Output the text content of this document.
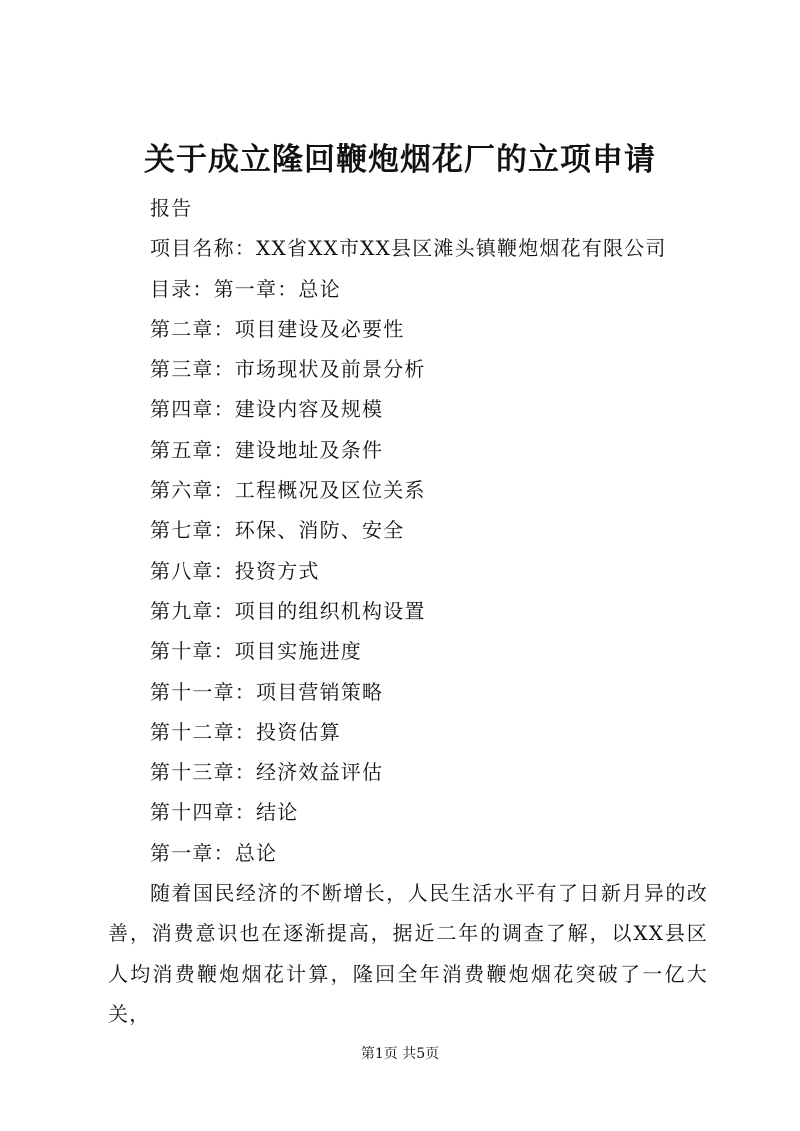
关于成立隆回鞭炮烟花厂的立项申请
报告
项目名称：XX省XX市XX县区滩头镇鞭炮烟花有限公司
目录：第一章：总论
第二章：项目建设及必要性
第三章：市场现状及前景分析
第四章：建设内容及规模
第五章：建设地址及条件
第六章：工程概况及区位关系
第七章：环保、消防、安全
第八章：投资方式
第九章：项目的组织机构设置
第十章：项目实施进度
第十一章：项目营销策略
第十二章：投资估算
第十三章：经济效益评估
第十四章：结论
第一章：总论

随着国民经济的不断增长，人民生活水平有了日新月异的改善，消费意识也在逐渐提高，据近二年的调查了解，以XX县区人均消费鞭炮烟花计算，隆回全年消费鞭炮烟花突破了一亿大关，

第1页 共5页
